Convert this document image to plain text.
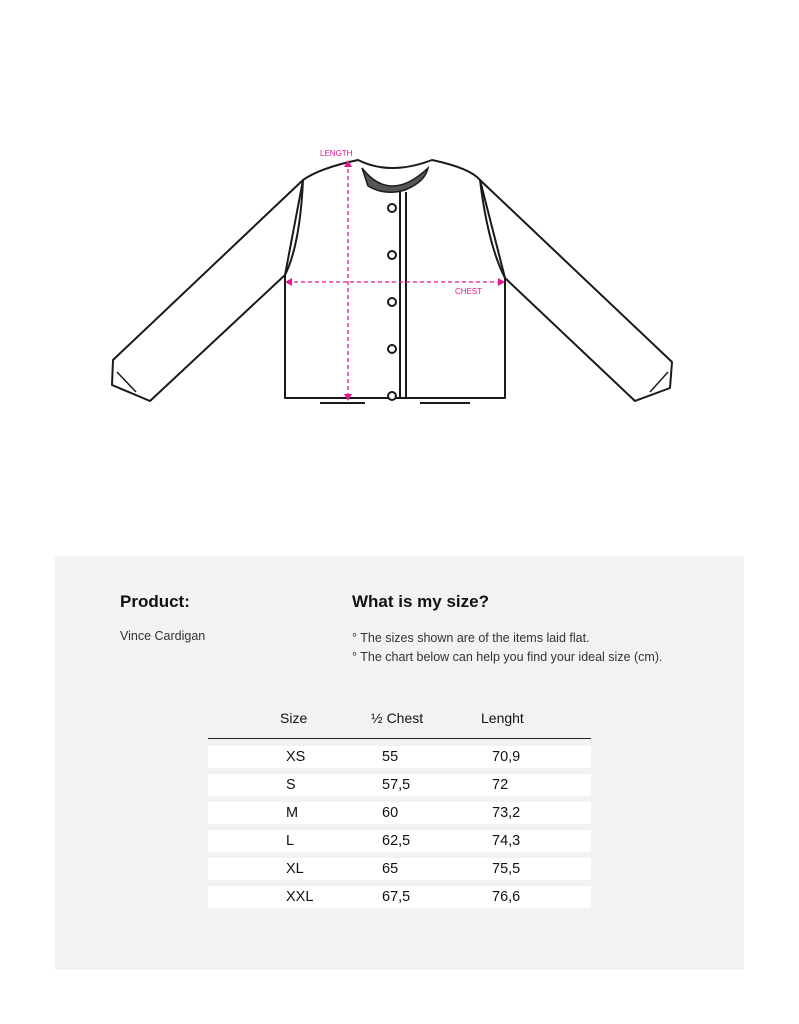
LENGTH
CHEST
Product:
Vince Cardigan
What is my size?
° The sizes shown are of the items laid flat.
° The chart below can help you find your ideal size (cm).
Size	½ Chest	Lenght
XS	55	70,9
S	57,5	72
M	60	73,2
L	62,5	74,3
XL	65	75,5
XXL	67,5	76,6
